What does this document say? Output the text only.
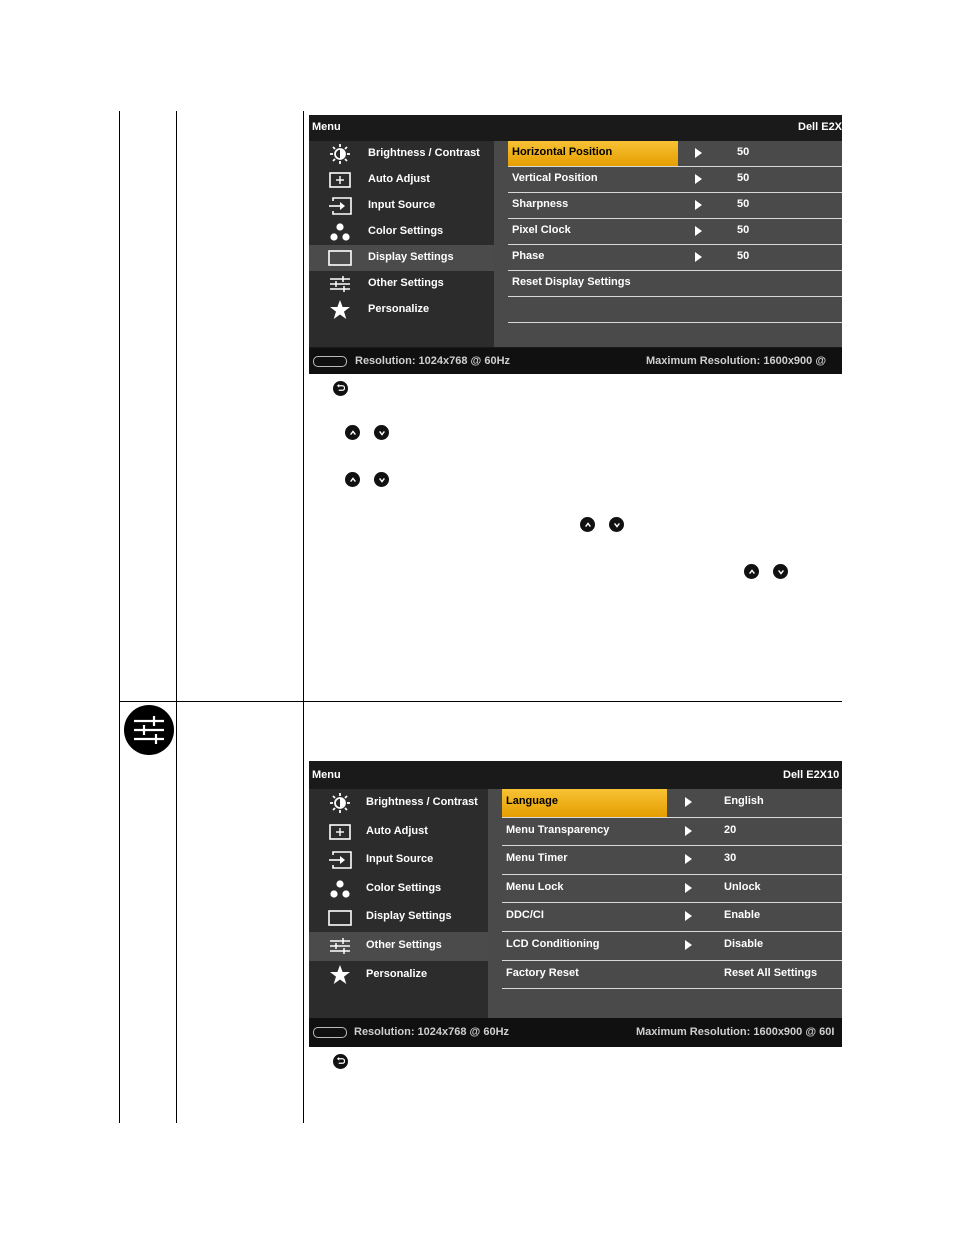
Menu	Dell E2X
Resolution: 1024x768 @ 60Hz	Maximum Resolution: 1600x900 @
Brightness / Contrast
Auto Adjust
Input Source
Color Settings
Display Settings
Other Settings
Personalize
Horizontal Position	50
Vertical Position	50
Sharpness	50
Pixel Clock	50
Phase	50
Reset Display Settings
Menu	Dell E2X10
Resolution: 1024x768 @ 60Hz	Maximum Resolution: 1600x900 @ 60I
Brightness / Contrast
Auto Adjust
Input Source
Color Settings
Display Settings
Other Settings
Personalize
Language	English
Menu Transparency	20
Menu Timer	30
Menu Lock	Unlock
DDC/CI	Enable
LCD Conditioning	Disable
Factory Reset	Reset All Settings
